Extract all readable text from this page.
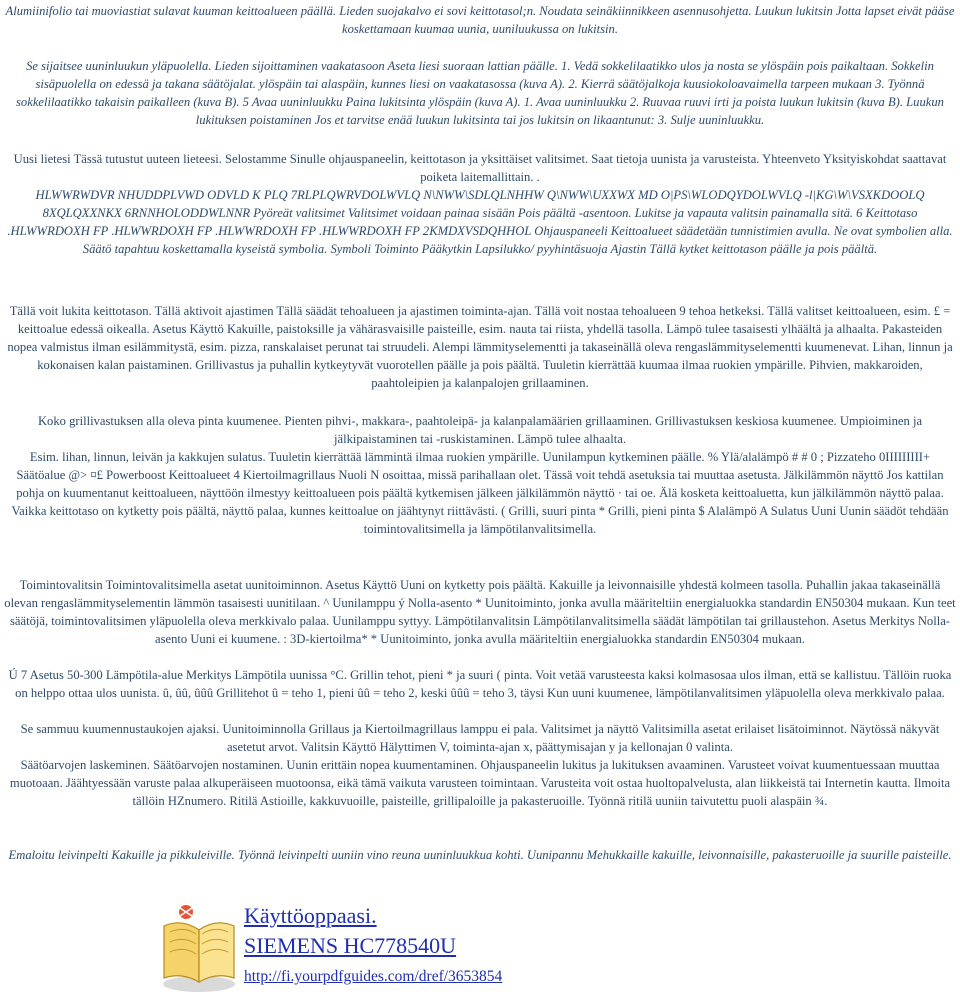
Alumiinifolio tai muoviastiat sulavat kuuman keittoalueen päällä. Lieden suojakalvo ei sovi keittotasol;n. Noudata seinäkiinnikkeen asennusohjetta. Luukun lukitsin Jotta lapset eivät pääse koskettamaan kuumaa uunia, uuniluukussa on lukitsin.
Se sijaitsee uuninluukun yläpuolella. Lieden sijoittaminen vaakatasoon Aseta liesi suoraan lattian päälle. 1. Vedä sokkelilaatikko ulos ja nosta se ylöspäin pois paikaltaan. Sokkelin sisäpuolella on edessä ja takana säätöjalat. ylöspäin tai alaspäin, kunnes liesi on vaakatasossa (kuva A). 2. Kierrä säätöjalkoja kuusiokoloavaimella tarpeen mukaan 3. Työnnä sokkelilaatikko takaisin paikalleen (kuva B). 5 Avaa uuninluukku Paina lukitsinta ylöspäin (kuva A). 1. Avaa uuninluukku 2. Ruuvaa ruuvi irti ja poista luukun lukitsin (kuva B). Luukun lukituksen poistaminen Jos et tarvitse enää luukun lukitsinta tai jos lukitsin on likaantunut: 3. Sulje uuninluukku.
Uusi lietesi Tässä tutustut uuteen lieteesi. Selostamme Sinulle ohjauspaneelin, keittotason ja yksittäiset valitsimet. Saat tietoja uunista ja varusteista. Yhteenveto Yksityiskohdat saattavat poiketa laitemallittain. .
HLWWRWDVR NHUDDPLVWD ODVLD K PLQ 7RLPLQWRVDOLWVLQ N\NWW\SDLQLNHHW Q\NWW\UXXWX MD O|PS\WLODQYDOLWVLQ -l|KG\W\VSXKDOOLQ 8XQLQXXNKX 6RNNHOLODDWLNNR Pyöreät valitsimet Valitsimet voidaan painaa sisään Pois päältä -asentoon. Lukitse ja vapauta valitsin painamalla sitä. 6 Keittotaso .HLWWRDOXH FP .HLWWRDOXH FP .HLWWRDOXH FP .HLWWRDOXH FP 2KMDXVSDQHHOL Ohjauspaneeli Keittoalueet säädetään tunnistimien avulla. Ne ovat symbolien alla. Säätö tapahtuu koskettamalla kyseistä symbolia. Symboli Toiminto Pääkytkin Lapsilukko/ pyyhintäsuoja Ajastin Tällä kytket keittotason päälle ja pois päältä.
Tällä voit lukita keittotason. Tällä aktivoit ajastimen Tällä säädät tehoalueen ja ajastimen toiminta-ajan. Tällä voit nostaa tehoalueen 9 tehoa hetkeksi. Tällä valitset keittoalueen, esim. £ = keittoalue edessä oikealla. Asetus Käyttö Kakuille, paistoksille ja vähärasvaisille paisteille, esim. nauta tai riista, yhdellä tasolla. Lämpö tulee tasaisesti ylhäältä ja alhaalta. Pakasteiden nopea valmistus ilman esilämmitystä, esim. pizza, ranskalaiset perunat tai struudeli. Alempi lämmityselementti ja takaseinällä oleva rengaslämmityselementti kuumenevat. Lihan, linnun ja kokonaisen kalan paistaminen. Grillivastus ja puhallin kytkeytyvät vuorotellen päälle ja pois päältä. Tuuletin kierrättää kuumaa ilmaa ruokien ympärille. Pihvien, makkaroiden, paahtoleipien ja kalanpalojen grillaaminen.
Koko grillivastuksen alla oleva pinta kuumenee. Pienten pihvi-, makkara-, paahtoleipä- ja kalanpalamäärien grillaaminen. Grillivastuksen keskiosa kuumenee. Umpioiminen ja jälkipaistaminen tai -ruskistaminen. Lämpö tulee alhaalta.
Esim. lihan, linnun, leivän ja kakkujen sulatus. Tuuletin kierrättää lämmintä ilmaa ruokien ympärille. Uunilampun kytkeminen päälle. % Ylä/alalämpö # # 0 ; Pizzateho 0IIIIIIIII+ Säätöalue @> ¤£ Powerboost Keittoalueet 4 Kiertoilmagrillaus Nuoli N osoittaa, missä parihallaan olet. Tässä voit tehdä asetuksia tai muuttaa asetusta. Jälkilämmön näyttö Jos kattilan pohja on kuumentanut keittoalueen, näyttöön ilmestyy keittoalueen pois päältä kytkemisen jälkeen jälkilämmön näyttö · tai oe. Älä kosketa keittoaluetta, kun jälkilämmön näyttö palaa. Vaikka keittotaso on kytketty pois päältä, näyttö palaa, kunnes keittoalue on jäähtynyt riittävästi. ( Grilli, suuri pinta * Grilli, pieni pinta $ Alalämpö A Sulatus Uuni Uunin säädöt tehdään toimintovalitsimella ja lämpötilanvalitsimella.
Toimintovalitsin Toimintovalitsimella asetat uunitoiminnon. Asetus Käyttö Uuni on kytketty pois päältä. Kakuille ja leivonnaisille yhdestä kolmeen tasolla. Puhallin jakaa takaseinällä olevan rengaslämmityselementin lämmön tasaisesti uunitilaan. ^ Uunilamppu ý Nolla-asento * Uunitoiminto, jonka avulla määriteltiin energialuokka standardin EN50304 mukaan. Kun teet säätöjä, toimintovalitsimen yläpuolella oleva merkkivalo palaa. Uunilamppu syttyy. Lämpötilanvalitsin Lämpötilanvalitsimella säädät lämpötilan tai grillaustehon. Asetus Merkitys Nolla-asento Uuni ei kuumene. : 3D-kiertoilma* * Uunitoiminto, jonka avulla määriteltiin energialuokka standardin EN50304 mukaan.
Ú 7 Asetus 50-300 Lämpötila-alue Merkitys Lämpötila uunissa °C. Grillin tehot, pieni * ja suuri ( pinta. Voit vetää varusteesta kaksi kolmasosaa ulos ilman, että se kallistuu. Tällöin ruoka on helppo ottaa ulos uunista. û, ûû, ûûû Grillitehot û = teho 1, pieni ûû = teho 2, keski ûûû = teho 3, täysi Kun uuni kuumenee, lämpötilanvalitsimen yläpuolella oleva merkkivalo palaa.
Se sammuu kuumennustaukojen ajaksi. Uunitoiminnolla Grillaus ja Kiertoilmagrillaus lamppu ei pala. Valitsimet ja näyttö Valitsimilla asetat erilaiset lisätoiminnot. Näytössä näkyvät asetetut arvot. Valitsin Käyttö Hälyttimen V, toiminta-ajan x, päättymisajan y ja kellonajan 0 valinta.
Säätöarvojen laskeminen. Säätöarvojen nostaminen. Uunin erittäin nopea kuumentaminen. Ohjauspaneelin lukitus ja lukituksen avaaminen. Varusteet voivat kuumentuessaan muuttaa muotoaan. Jäähtyessään varuste palaa alkuperäiseen muotoonsa, eikä tämä vaikuta varusteen toimintaan. Varusteita voit ostaa huoltopalvelusta, alan liikkeistä tai Internetin kautta. Ilmoita tällöin HZnumero. Ritilä Astioille, kakkuvuoille, paisteille, grillipaloille ja pakasteruoille. Työnnä ritilä uuniin taivutettu puoli alaspäin ¾.
Emaloitu leivinpelti Kakuille ja pikkuleiville. Työnnä leivinpelti uuniin vino reuna uuninluukkua kohti. Uunipannu Mehukkaille kakuille, leivonnaisille, pakasteruoille ja suurille paisteille.
Käyttöoppaasi.
SIEMENS HC778540U
http://fi.yourpdfguides.com/dref/3653854
